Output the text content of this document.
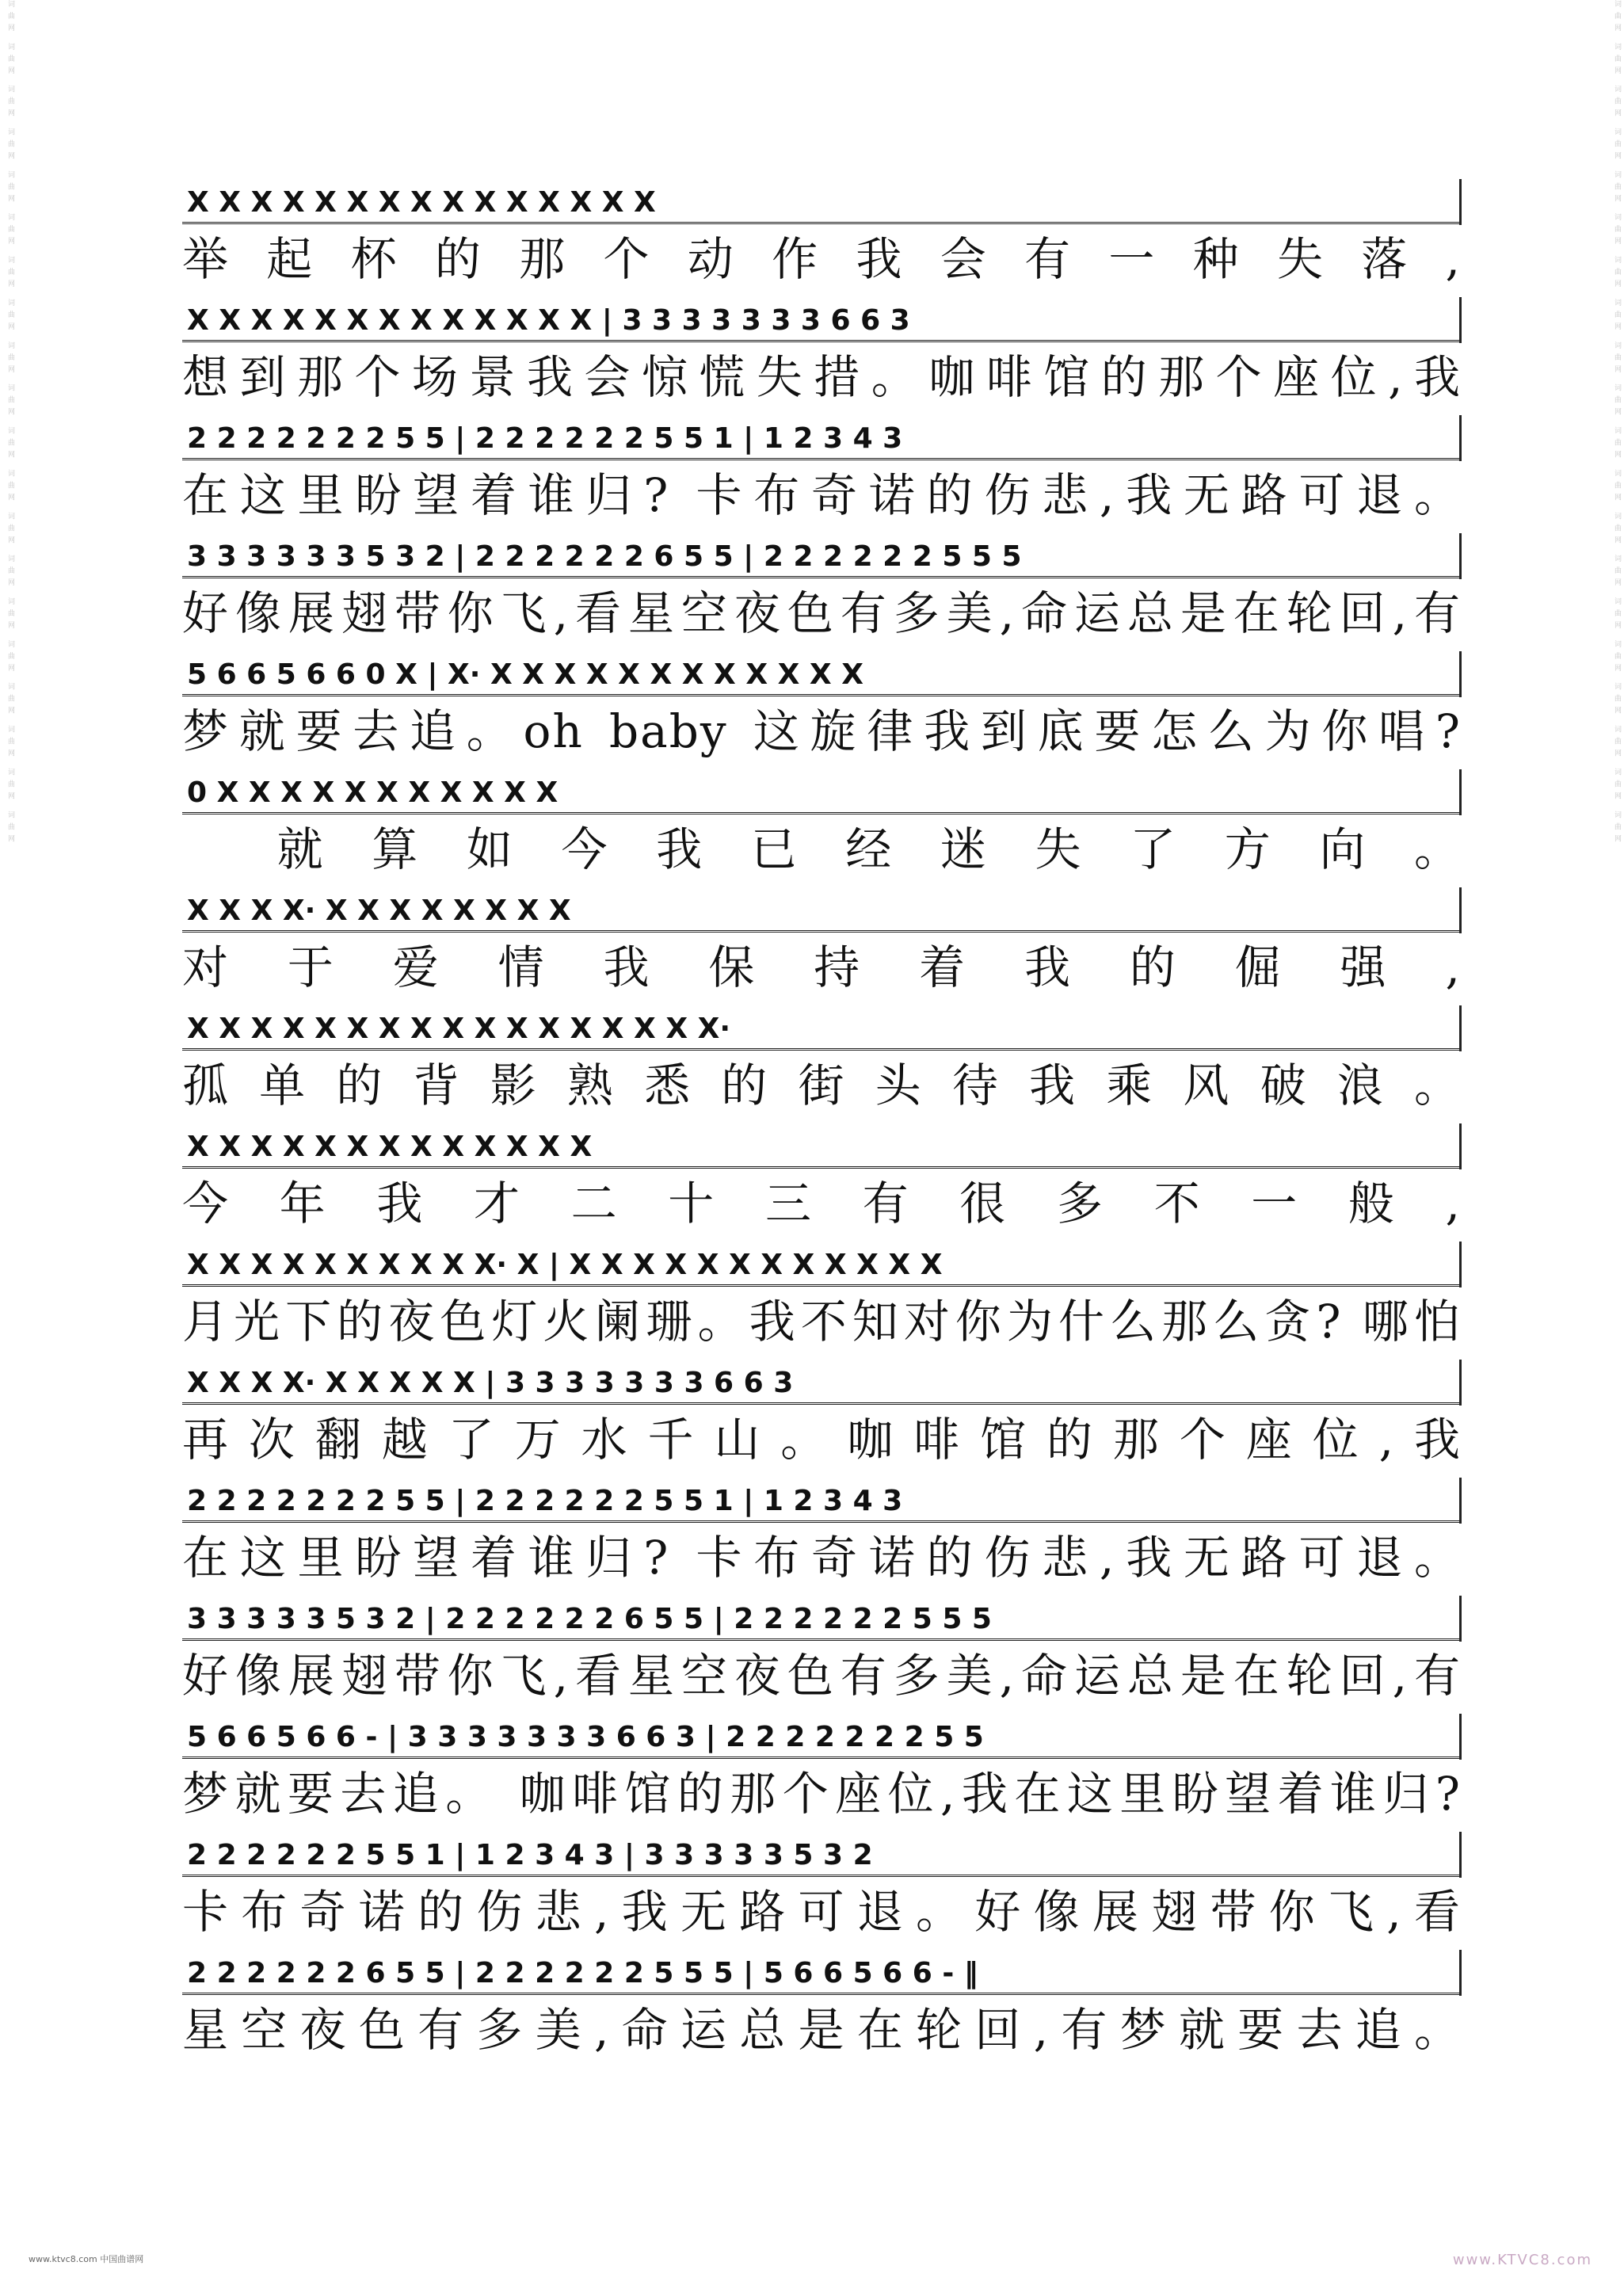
词曲网 词曲网 词曲网 词曲网 词曲网 词曲网 词曲网 词曲网 词曲网 词曲网 词曲网 词曲网 词曲网 词曲网 词曲网 词曲网 词曲网 词曲网 词曲网 词曲网	词曲网 词曲网 词曲网 词曲网 词曲网 词曲网 词曲网 词曲网 词曲网 词曲网 词曲网 词曲网 词曲网 词曲网 词曲网 词曲网 词曲网 词曲网 词曲网 词曲网
X X X X X X X X X X X X X X X
举起杯的那个动作我会有一种失落,
X X X X X X X X X X X X X | 3 3 3 3 3 3 3 6 6 3
想到那个场景我会惊慌失措。咖啡馆的那个座位,我
2 2 2 2 2 2 2 5 5 | 2 2 2 2 2 2 5 5 1 | 1 2 3 4 3
在这里盼望着谁归? 卡布奇诺的伤悲,我无路可退。
3 3 3 3 3 3 5 3 2 | 2 2 2 2 2 2 6 5 5 | 2 2 2 2 2 2 5 5 5
好像展翅带你飞,看星空夜色有多美,命运总是在轮回,有
5 6 6 5 6 6 0 X | X· X X X X X X X X X X X X
梦就要去追。oh baby 这旋律我到底要怎么为你唱?
0 X X X X X X X X X X X
　就算如今我已经迷失了方向。
X X X X· X X X X X X X X
对于爱情我保持着我的倔强,
X X X X X X X X X X X X X X X X X·
孤单的背影熟悉的街头待我乘风破浪。
X X X X X X X X X X X X X
今年我才二十三有很多不一般,
X X X X X X X X X X· X | X X X X X X X X X X X X
月光下的夜色灯火阑珊。我不知对你为什么那么贪? 哪怕
X X X X· X X X X X | 3 3 3 3 3 3 3 6 6 3
再次翻越了万水千山。咖啡馆的那个座位,我
2 2 2 2 2 2 2 5 5 | 2 2 2 2 2 2 5 5 1 | 1 2 3 4 3
在这里盼望着谁归? 卡布奇诺的伤悲,我无路可退。
3 3 3 3 3 5 3 2 | 2 2 2 2 2 2 6 5 5 | 2 2 2 2 2 2 5 5 5
好像展翅带你飞,看星空夜色有多美,命运总是在轮回,有
5 6 6 5 6 6 - | 3 3 3 3 3 3 3 6 6 3 | 2 2 2 2 2 2 2 5 5
梦就要去追。 咖啡馆的那个座位,我在这里盼望着谁归?
2 2 2 2 2 2 5 5 1 | 1 2 3 4 3 | 3 3 3 3 3 5 3 2
卡布奇诺的伤悲,我无路可退。好像展翅带你飞,看
2 2 2 2 2 2 6 5 5 | 2 2 2 2 2 2 5 5 5 | 5 6 6 5 6 6 - ‖
星空夜色有多美,命运总是在轮回,有梦就要去追。
www.ktvc8.com 中国曲谱网	www.KTVC8.com
